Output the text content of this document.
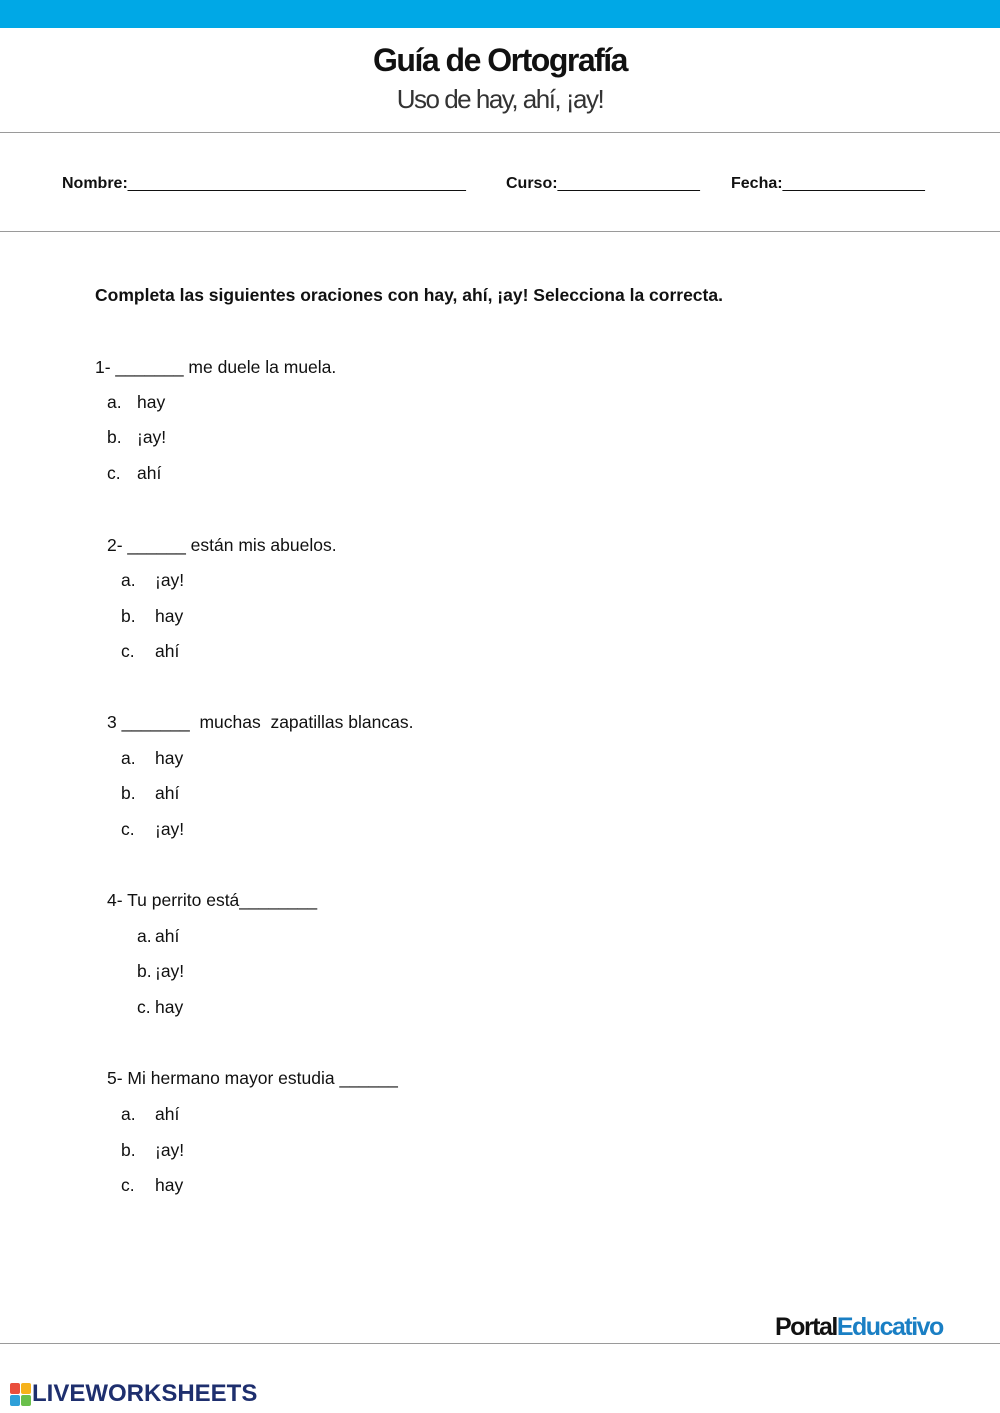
Guía de Ortografía
Uso de hay, ahí, ¡ay!
Nombre:______________________________________	Curso:________________ Fecha:________________
Completa las siguientes oraciones con hay, ahí, ¡ay! Selecciona la correcta.
1- _______ me duele la muela.
a. hay
b. ¡ay!
c. ahí
2- ______ están mis abuelos.
a. ¡ay!
b. hay
c. ahí
3 _______  muchas  zapatillas blancas.
a. hay
b. ahí
c. ¡ay!
4- Tu perrito está________
a. ahí
b. ¡ay!
c. hay
5- Mi hermano mayor estudia ______
a. ahí
b. ¡ay!
c. hay
PortalEducativo
LIVEWORKSHEETS
